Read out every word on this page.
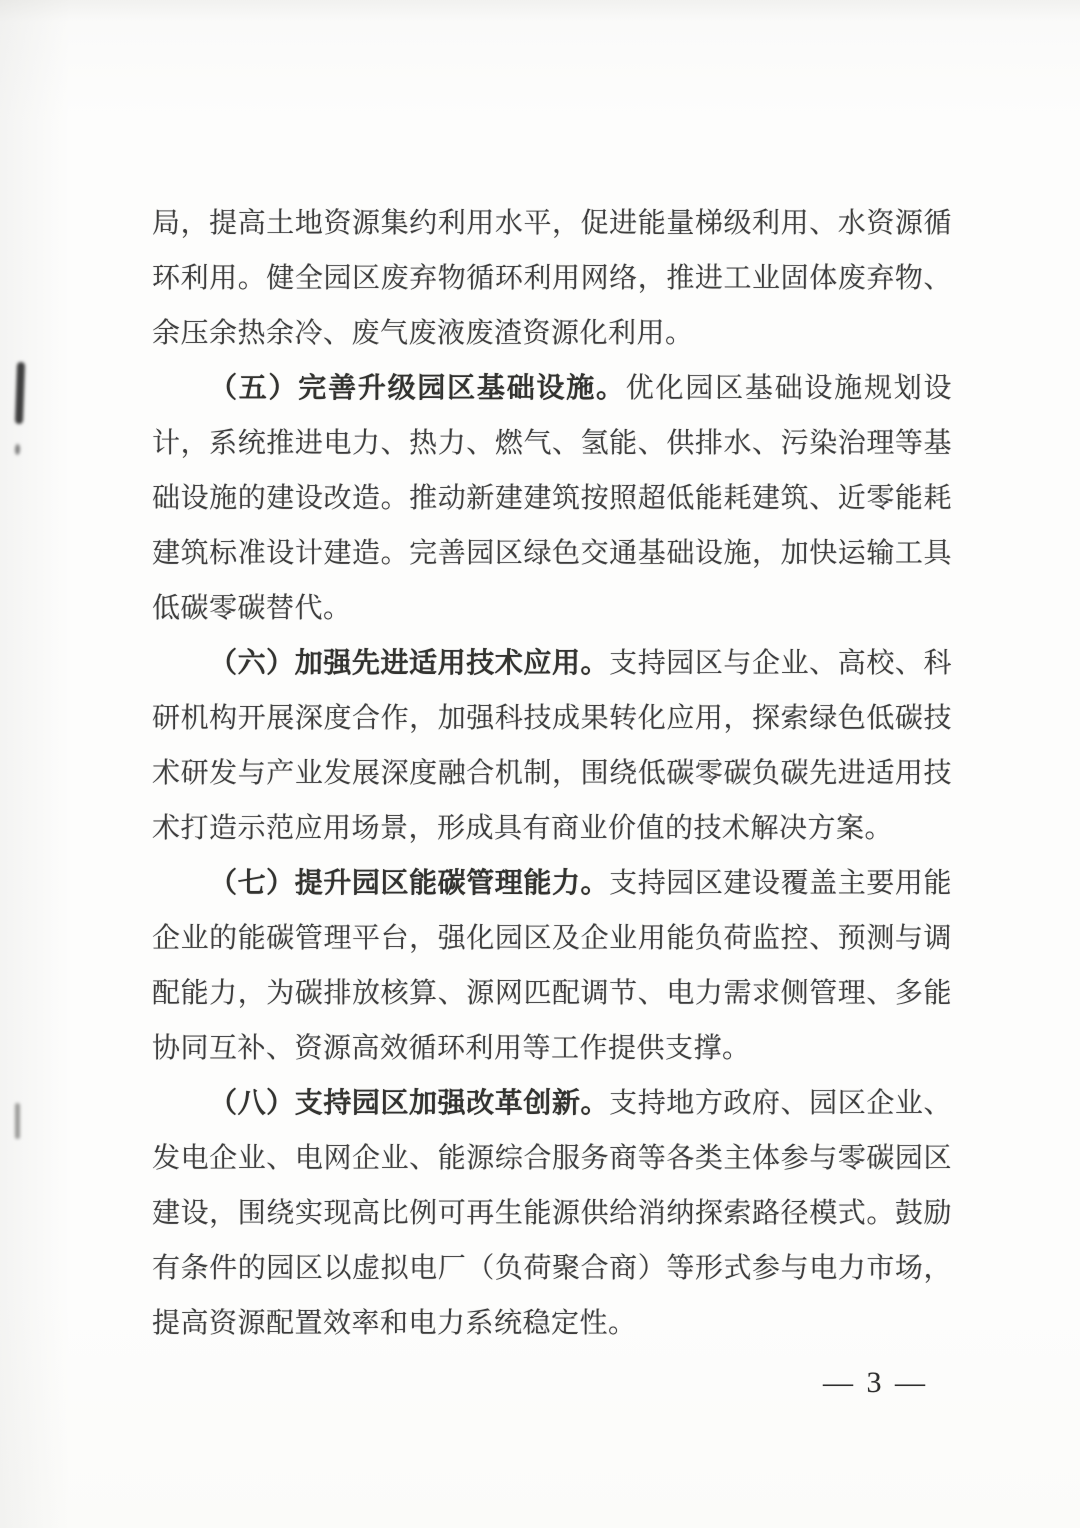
局，提高土地资源集约利用水平，促进能量梯级利用、水资源循环利用。健全园区废弃物循环利用网络，推进工业固体废弃物、余压余热余冷、废气废液废渣资源化利用。

（五）完善升级园区基础设施。优化园区基础设施规划设计，系统推进电力、热力、燃气、氢能、供排水、污染治理等基础设施的建设改造。推动新建建筑按照超低能耗建筑、近零能耗建筑标准设计建造。完善园区绿色交通基础设施，加快运输工具低碳零碳替代。

（六）加强先进适用技术应用。支持园区与企业、高校、科研机构开展深度合作，加强科技成果转化应用，探索绿色低碳技术研发与产业发展深度融合机制，围绕低碳零碳负碳先进适用技术打造示范应用场景，形成具有商业价值的技术解决方案。

（七）提升园区能碳管理能力。支持园区建设覆盖主要用能企业的能碳管理平台，强化园区及企业用能负荷监控、预测与调配能力，为碳排放核算、源网匹配调节、电力需求侧管理、多能协同互补、资源高效循环利用等工作提供支撑。

（八）支持园区加强改革创新。支持地方政府、园区企业、发电企业、电网企业、能源综合服务商等各类主体参与零碳园区建设，围绕实现高比例可再生能源供给消纳探索路径模式。鼓励有条件的园区以虚拟电厂（负荷聚合商）等形式参与电力市场，提高资源配置效率和电力系统稳定性。

— 3 —
